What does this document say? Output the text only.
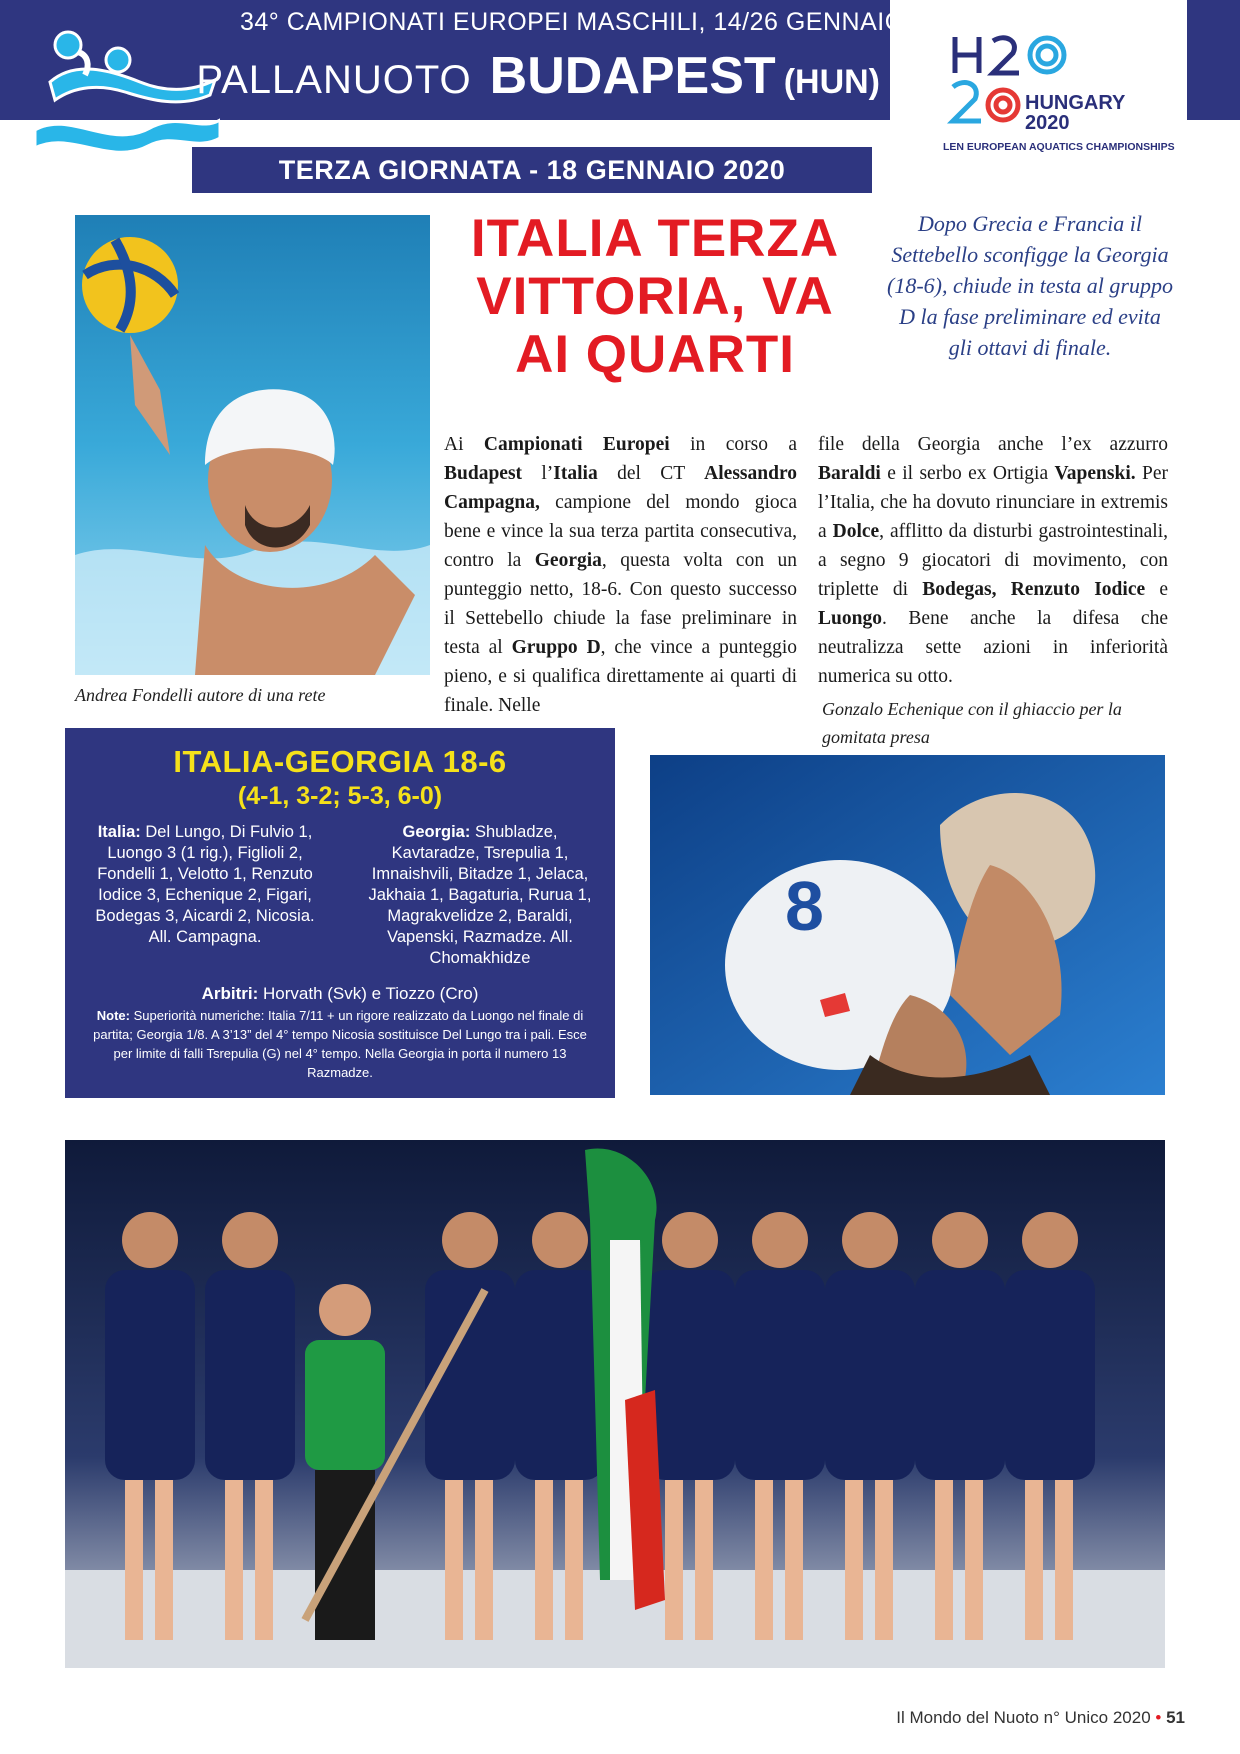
34° CAMPIONATI EUROPEI MASCHILI, 14/26 GENNAIO 2020
PALLANUOTO BUDAPEST (HUN)
TERZA GIORNATA - 18 GENNAIO 2020
HUNGARY
2020
LEN EUROPEAN AQUATICS CHAMPIONSHIPS
Andrea Fondelli autore di una rete
ITALIA TERZA
VITTORIA, VA
AI QUARTI
Dopo Grecia e Francia il Settebello sconfigge la Georgia (18-6), chiude in testa al gruppo D la fase preliminare ed evita gli ottavi di finale.
Ai Campionati Europei in corso a Budapest l’Italia del CT Alessandro Campagna, campione del mondo gioca bene e vince la sua terza partita consecutiva, contro la Georgia, questa volta con un punteggio netto, 18-6. Con questo successo il Settebello chiude la fase preliminare in testa al Gruppo D, che vince a punteggio pieno, e si qualifica direttamente ai quarti di finale. Nelle
file della Georgia anche l’ex azzurro Baraldi e il serbo ex Ortigia Vapenski. Per l’Italia, che ha dovuto rinunciare in extremis a Dolce, afflitto da disturbi gastrointestinali, a segno 9 giocatori di movimento, con triplette di Bodegas, Renzuto Iodice e Luongo. Bene anche la difesa che neutralizza sette azioni in inferiorità numerica su otto.
Gonzalo Echenique con il ghiaccio per la gomitata presa
ITALIA-GEORGIA 18-6
(4-1, 3-2; 5-3, 6-0)
Italia: Del Lungo, Di Fulvio 1, Luongo 3 (1 rig.), Figlioli 2, Fondelli 1, Velotto 1, Renzuto Iodice 3, Echenique 2, Figari, Bodegas 3, Aicardi 2, Nicosia. All. Campagna.
Georgia: Shubladze, Kavtaradze, Tsrepulia 1, Imnaishvili, Bitadze 1, Jelaca, Jakhaia 1, Bagaturia, Rurua 1, Magrakvelidze 2, Baraldi, Vapenski, Razmadze. All. Chomakhidze
Arbitri: Horvath (Svk) e Tiozzo (Cro)
Note: Superiorità numeriche: Italia 7/11 + un rigore realizzato da Luongo nel finale di partita; Georgia 1/8. A 3’13” del 4° tempo Nicosia sostituisce Del Lungo tra i pali. Esce per limite di falli Tsrepulia (G) nel 4° tempo. Nella Georgia in porta il numero 13 Razmadze.
8
Il Mondo del Nuoto n° Unico 2020 • 51
